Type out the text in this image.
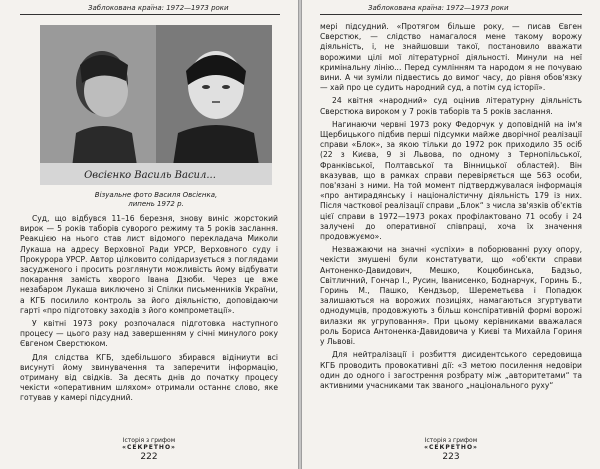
Заблокована країна: 1972—1973 роки
Овсієнко Василь Васил...
Візуальне фото Василя Овсієнка,
липень 1972 р.

Суд, що відбувся 11–16 березня, знову виніс жорстокий вирок — 5 років таборів суворого режиму та 5 років заслання. Реакцією на нього став лист відомого перекладача Миколи Лукаша на адресу Верховної Ради УРСР, Верховного суду і Прокурора УРСР. Автор цілковито солідаризується з поглядами засудженого і просить розглянути можливість йому відбувати покарання замість хворого Івана Дзюби. Через це вже незабаром Лукаша виключено зі Спілки письменників України, а КГБ посилило контроль за його діяльністю, доповідаючи гарті «про підготовку заходів з його компрометації».

У квітні 1973 року розпочалася підготовка наступного процесу — цього разу над завершенням у січні минулого року Євгеном Сверстюком.

Для слідства КГБ, здебільшого збирався відіниути всі висунуті йому звинувачення та заперечити інформацію, отриману від свідків. За десять днів до початку процесу чекісти «оперативним шляхом» отримали останнє слово, яке готував у камері підсудний.

Історія з грифом
«СЕКРЕТНО»
222
Заблокована країна: 1972—1973 роки

мері підсудний. «Протягом більше року, — писав Євген Сверстюк, — слідство намагалося мене такому ворожу діяльність, і, не знайшовши такої, постановило вважати ворожими цілі мої літературної діяльності. Минули на неї кримінальну лінію... Перед сумлінням та народом я не почуваю вини. А чи зуміли підвестись до вимог часу, до рівня обов'язку — хай про це судить народний суд, а потім суд історії».

24 квітня «народний» суд оцінив літературну діяльність Сверстюка вироком у 7 років таборів та 5 років заслання.

Нагинаючи червні 1973 року Федорчук у доповідній на ім'я Щербицького підбив перші підсумки майже дворічної реалізації справи «Блок», за якою тільки до 1972 рок приходило 35 осіб (22 з Києва, 9 зі Львова, по одному з Тернопільської, Франківської, Полтавської та Вінницької областей). Він вказував, що в рамках справи перевіряється ще 563 особи, пов'язані з ними. На той момент підтверджувалася інформація «про антирадянську і націоналістичну діяльність 179 із них. Після часткової реалізації справи „Блок“ з числа зв'язків об'єктів цієї справи в 1972—1973 роках профілактовано 71 особу і 24 залучені до оперативної співпраці, хоча їх значення продовжуємо».

Незважаючи на значні «успіхи» в поборюванні руху опору, чекісти змушені були констатувати, що «об'єкти справи Антоненко-Давидович, Мешко, Коцюбинська, Бадзьо, Світличний, Гончар І., Русин, Іванисенко, Боднарчук, Горинь Б., Горинь М., Пашко, Кендзьор, Шереметьєва і Попадюк залишаються на ворожих позиціях, намагаються згуртувати однодумців, продовжують з більш конспіративній формі ворожі вилазки як угруповання». При цьому керівниками вважалася роль Бориса Антоненка-Давидовича у Києві та Михайла Гориня у Львові.

Для нейтралізації і розбиття дисидентського середовища КГБ проводить провокативні дії: «З метою посилення недовіри один до одного і загострення розбрату між „авторитетами“ та активними учасниками так званого „національного руху“

Історія з грифом
«СЕКРЕТНО»
223
